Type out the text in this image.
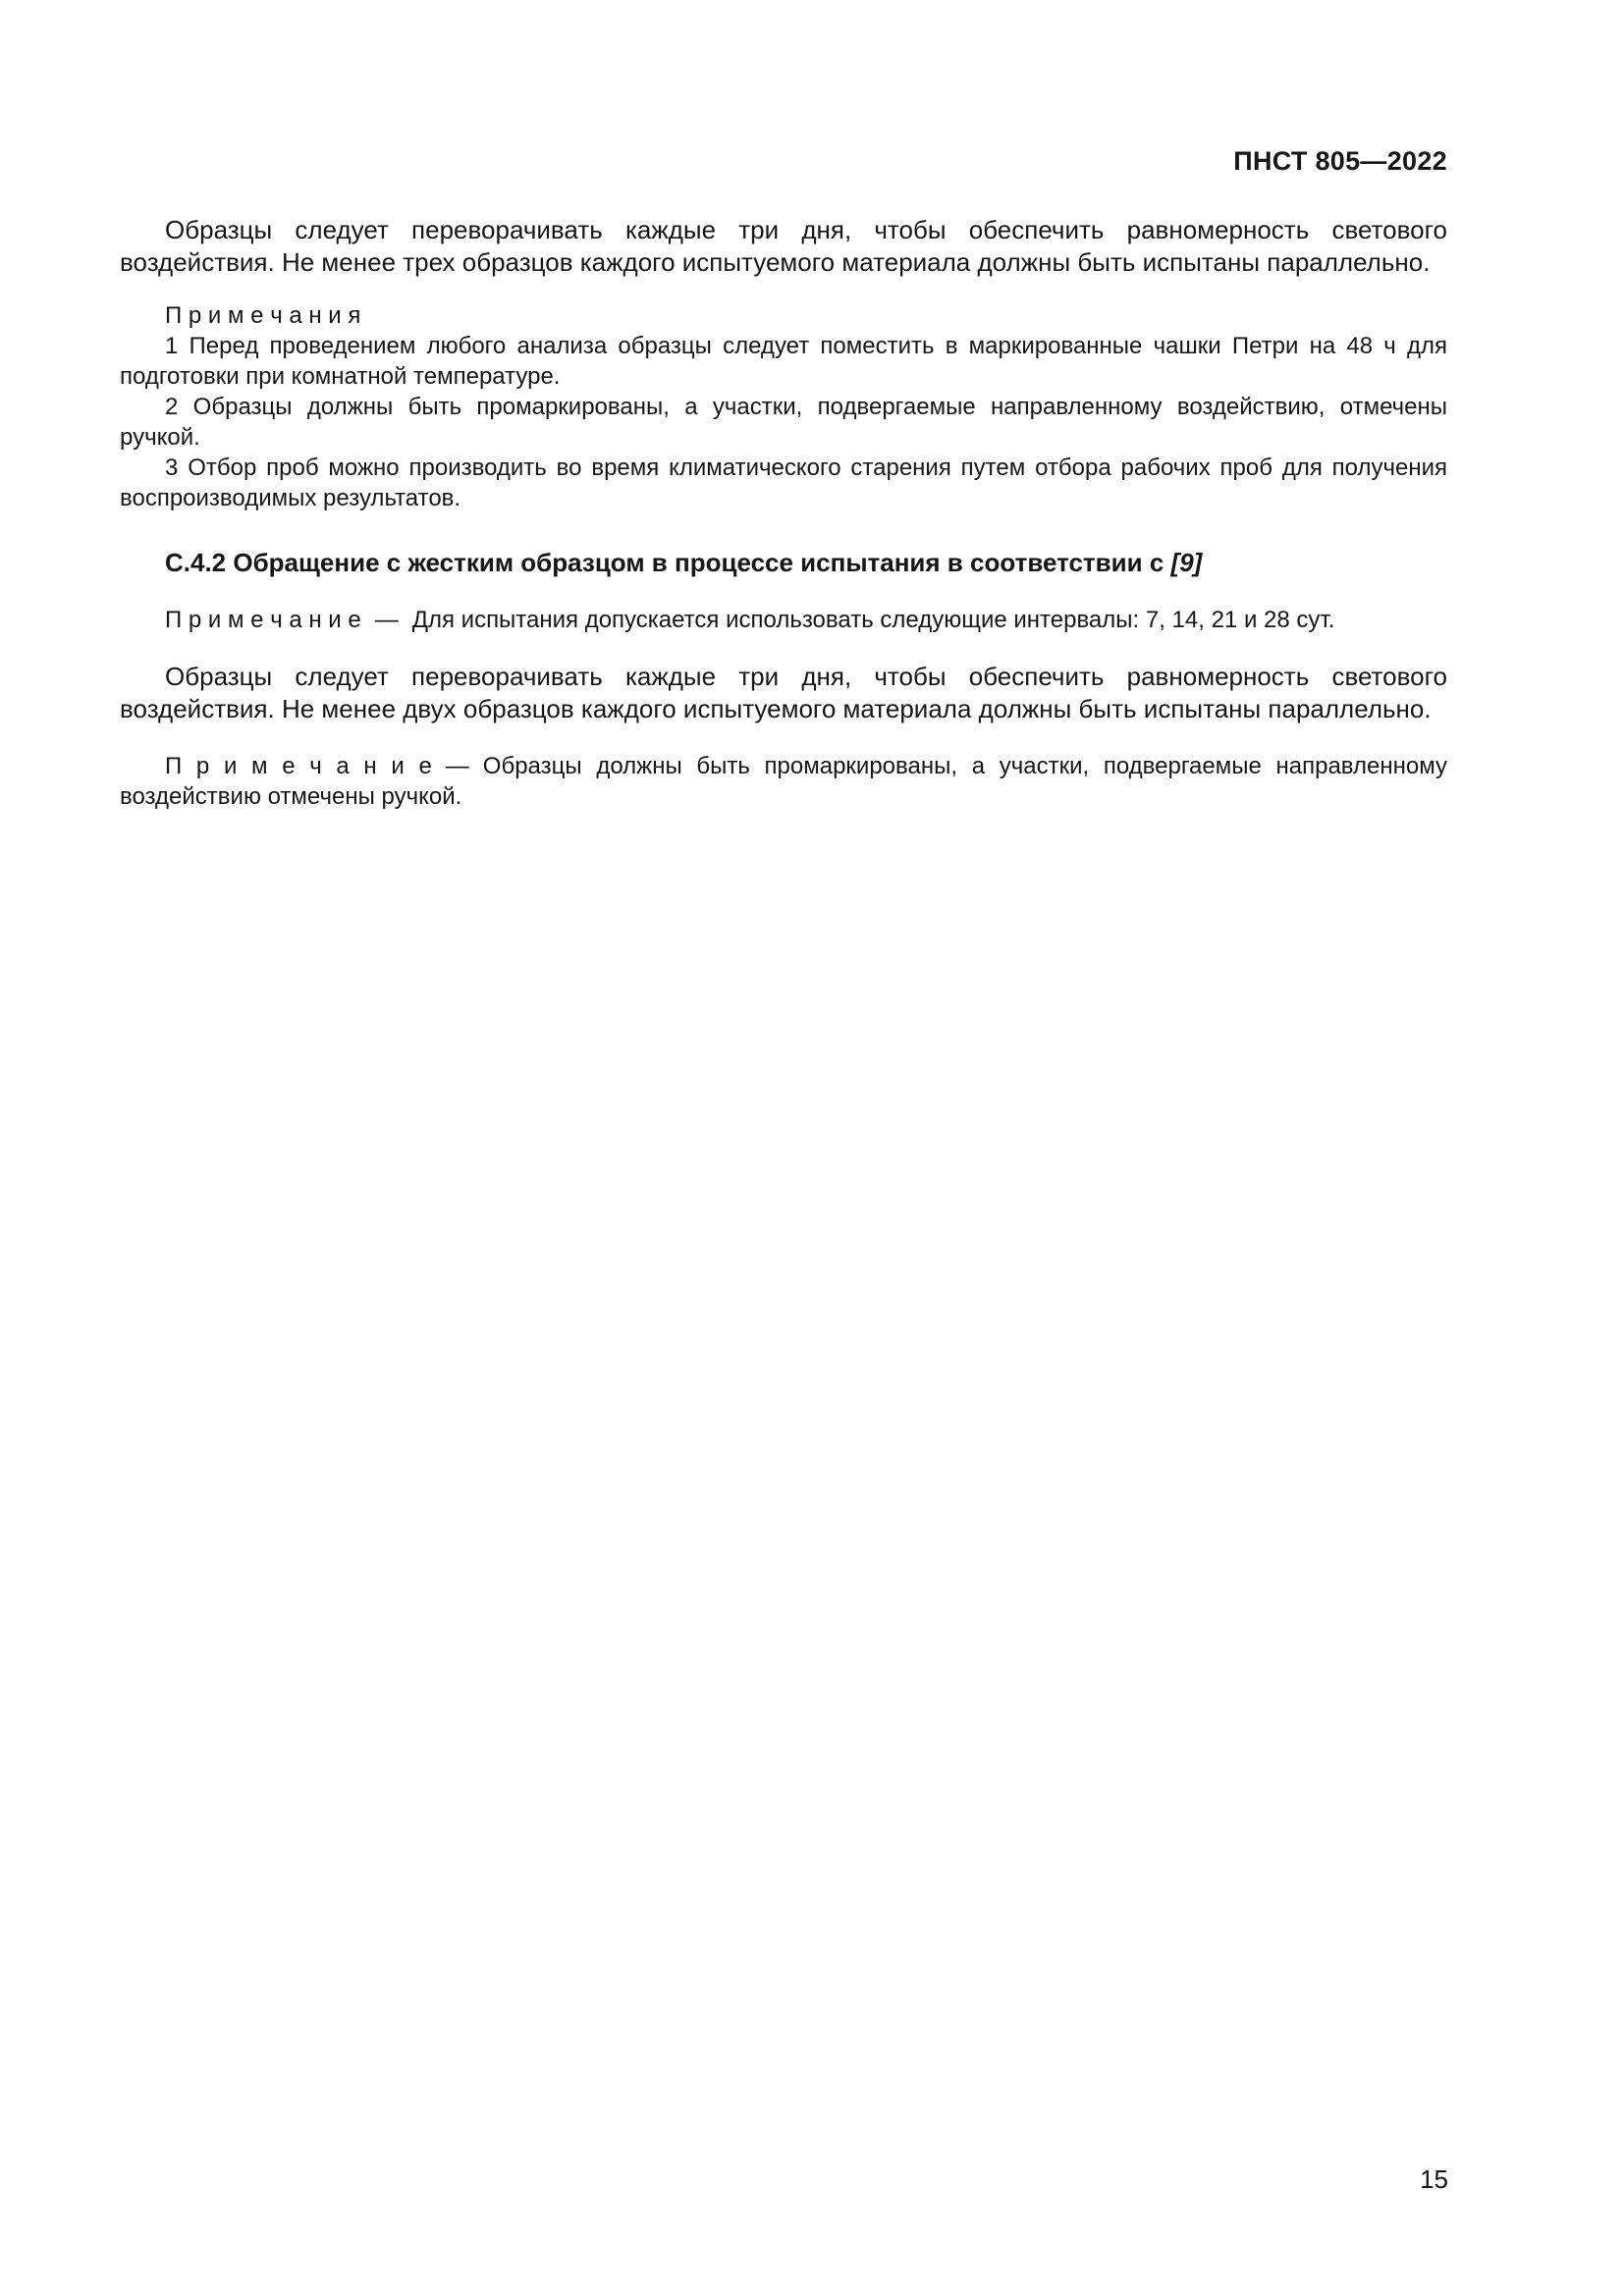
ПНСТ 805—2022

Образцы следует переворачивать каждые три дня, чтобы обеспечить равномерность светового воздействия. Не менее трех образцов каждого испытуемого материала должны быть испытаны параллельно.

П р и м е ч а н и я

1 Перед проведением любого анализа образцы следует поместить в маркированные чашки Петри на 48 ч для подготовки при комнатной температуре.

2 Образцы должны быть промаркированы, а участки, подвергаемые направленному воздействию, отмечены ручкой.

3 Отбор проб можно производить во время климатического старения путем отбора рабочих проб для получения воспроизводимых результатов.

С.4.2 Обращение с жестким образцом в процессе испытания в соответствии с [9]

П р и м е ч а н и е — Для испытания допускается использовать следующие интервалы: 7, 14, 21 и 28 сут.

Образцы следует переворачивать каждые три дня, чтобы обеспечить равномерность светового воздействия. Не менее двух образцов каждого испытуемого материала должны быть испытаны параллельно.

П р и м е ч а н и е — Образцы должны быть промаркированы, а участки, подвергаемые направленному воздействию отмечены ручкой.

15
